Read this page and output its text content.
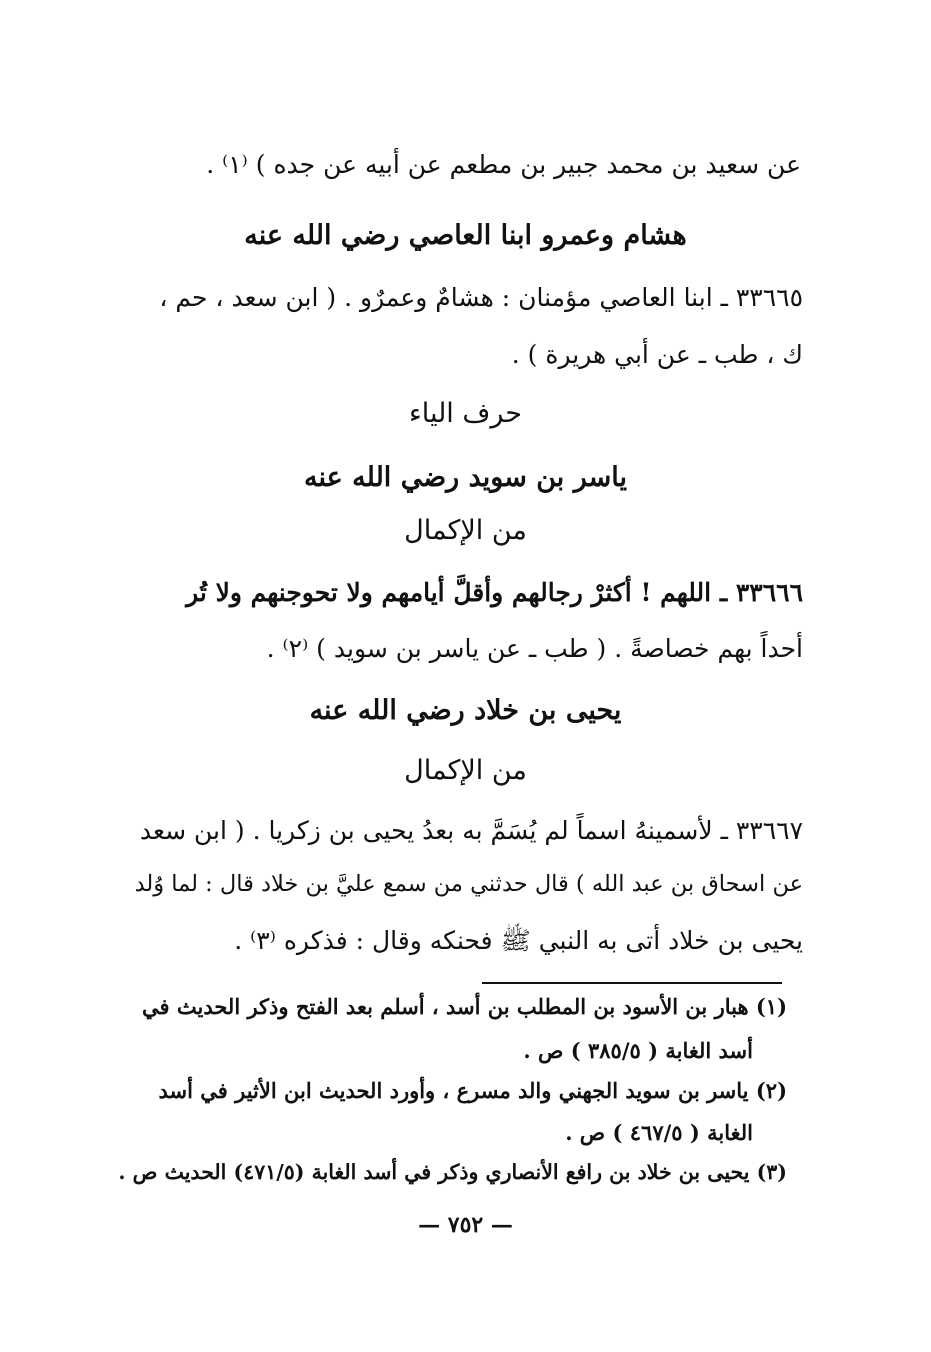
عن سعيد بن محمد جبير بن مطعم عن أبيه عن جده ) ⁽١⁾ .
هشام وعمرو ابنا العاصي رضي الله عنه
٣٣٦٦٥ ـ ابنا العاصي مؤمنان : هشامٌ وعمرٌو . ( ابن سعد ، حم ،
ك ، طب ـ عن أبي هريرة ) .
حرف الياء
ياسر بن سويد رضي الله عنه
من الإكمال
٣٣٦٦٦ ـ اللهم ! أكثرْ رجالهم وأقلَّ أيامهم ولا تحوجنهم ولا تُر
أحداً بهم خصاصةً . ( طب ـ عن ياسر بن سويد ) ⁽٢⁾ .
يحيى بن خلاد رضي الله عنه
من الإكمال
٣٣٦٦٧ ـ لأسمينهُ اسماً لم يُسَمَّ به بعدُ يحيى بن زكريا . ( ابن سعد
عن اسحاق بن عبد الله ) قال حدثني من سمع عليَّ بن خلاد قال : لما وُلد
يحيى بن خلاد أتى به النبي ﷺ فحنكه وقال : فذكره ⁽٣⁾ .
(١) هبار بن الأسود بن المطلب بن أسد ، أسلم بعد الفتح وذكر الحديث في
أسد الغابة ( ٣٨٥/٥ ) ص .
(٢) ياسر بن سويد الجهني والد مسرع ، وأورد الحديث ابن الأثير في أسد
الغابة ( ٤٦٧/٥ ) ص .
(٣) يحيى بن خلاد بن رافع الأنصاري وذكر في أسد الغابة (٤٧١/٥) الحديث ص .
— ٧٥٢ —
